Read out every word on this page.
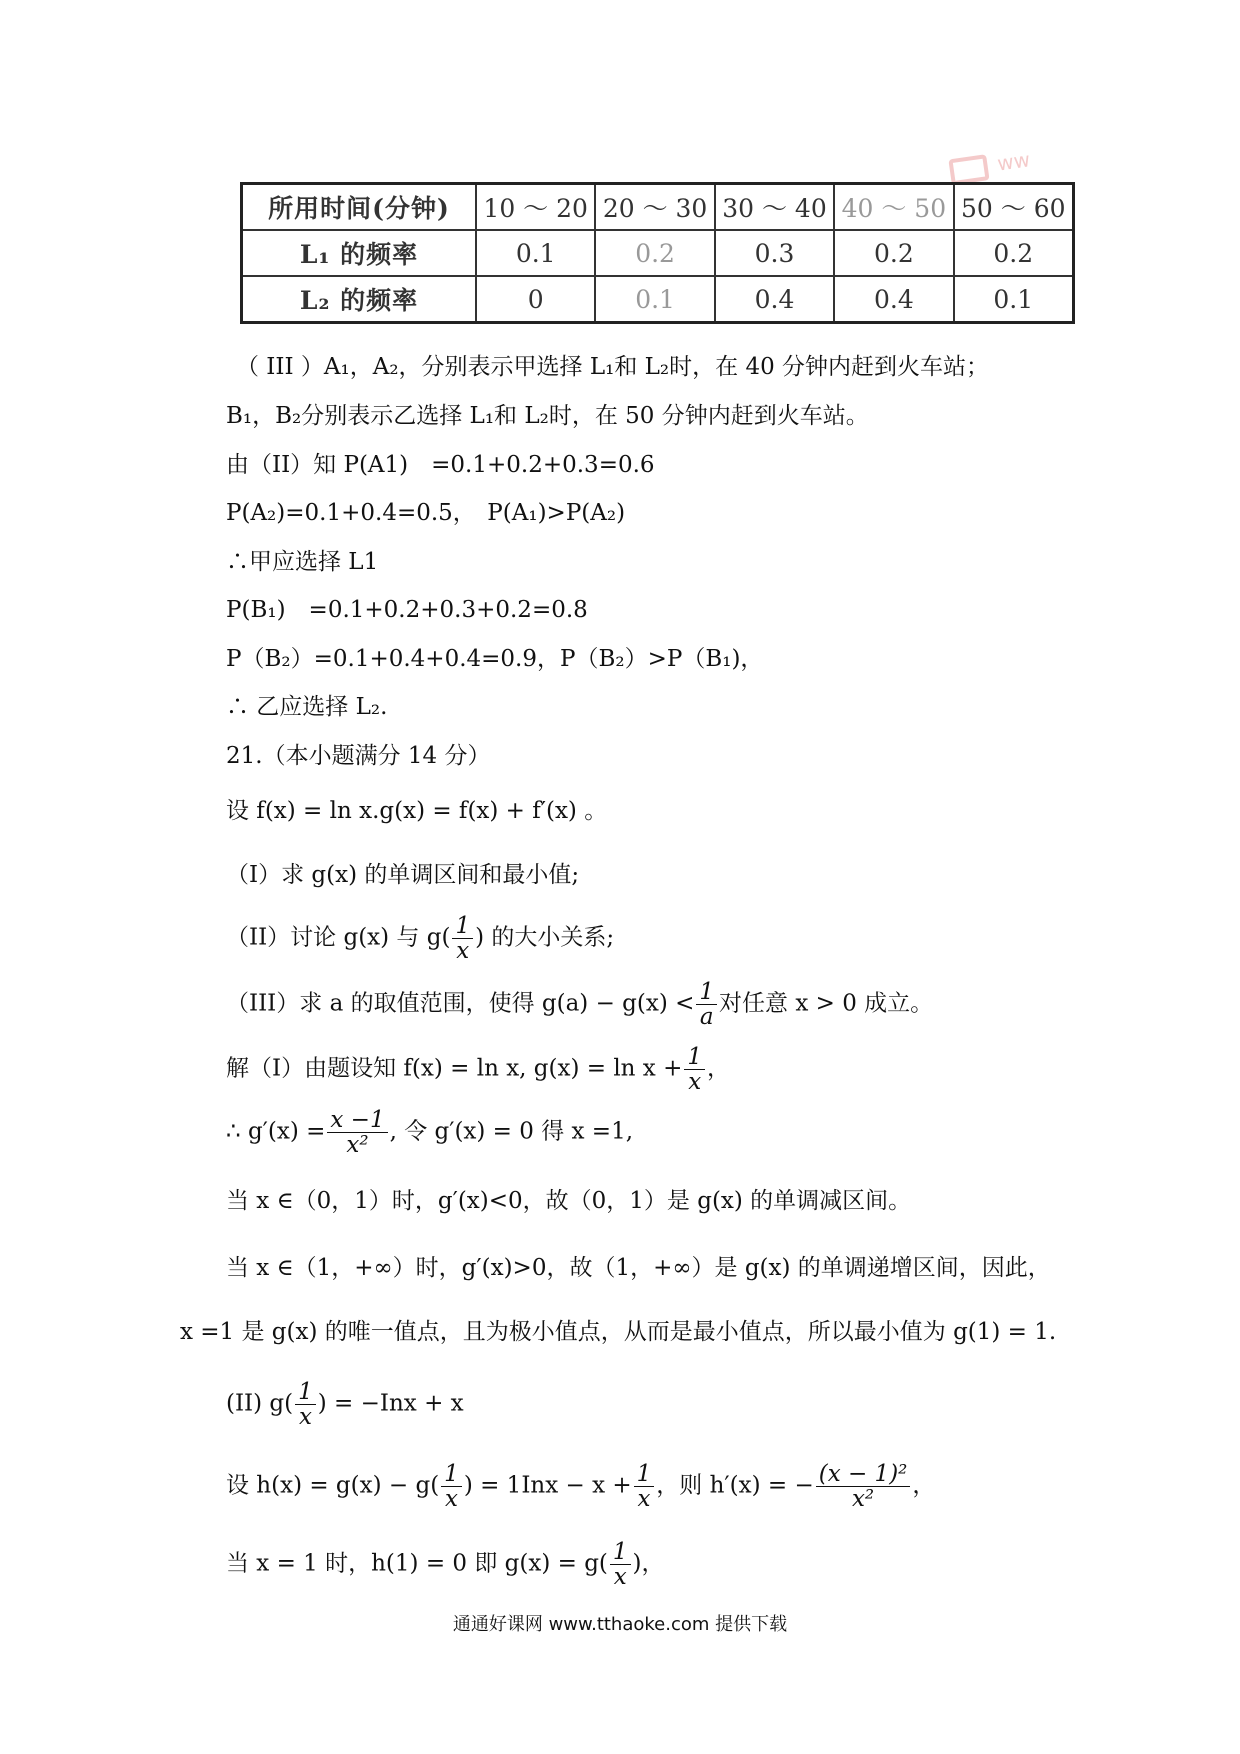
ww
所用时间(分钟)	10 ～ 20	20 ～ 30	30 ～ 40	40 ～ 50	50 ～ 60
L₁ 的频率	0.1	0.2	0.3	0.2	0.2
L₂ 的频率	0	0.1	0.4	0.4	0.1
（ III ）A₁，A₂，分别表示甲选择 L₁和 L₂时，在 40 分钟内赶到火车站；
B₁，B₂分别表示乙选择 L₁和 L₂时，在 50 分钟内赶到火车站。
由（II）知 P(A1)　=0.1+0.2+0.3=0.6
P(A₂)=0.1+0.4=0.5，　P(A₁)>P(A₂)
∴甲应选择 L1
P(B₁)　=0.1+0.2+0.3+0.2=0.8
P（B₂）=0.1+0.4+0.4=0.9，P（B₂）>P（B₁)，
∴ 乙应选择 L₂.
21.（本小题满分 14 分）
设 f(x) = ln x.g(x) = f(x) + f′(x) 。
（I）求 g(x) 的单调区间和最小值;
（II）讨论 g(x) 与 $g( \frac{1}{x}$ ) 的大小关系;
（III）求 a 的取值范围，使得 $g(a) - g(x) < \frac{1}{a}$ 对任意 x > 0 成立。
解（I）由题设知 f(x) = ln x, $g(x) = \ln x + \frac{1}{x}$ ，
∴ $g'(x) = \frac{x -1}{\text{x²}}$ , 令 g′(x) = 0 得 x =1,
当 x ∈（0，1）时，g′(x)<0，故（0，1）是 g(x) 的单调减区间。
当 x ∈（1，+∞）时，g′(x)>0，故（1，+∞）是 g(x) 的单调递增区间，因此，
x =1 是 g(x) 的唯一值点，且为极小值点，从而是最小值点，所以最小值为 g(1) = 1.
(II) $g( \frac{1}{x}$ ) = −Inx + x
设 $h(x) = g(x) - g( \frac{1}{x}$ ) = $1Inx - x + \frac{1}{x}$ ，则 h′(x) = − $\frac{\text{(x − 1)²}}{\text{x²}}$ ，
当 x = 1 时，h(1) = 0 即 $g(x) = g( \frac{1}{x}$ )，
通通好课网 www.tthaoke.com 提供下载
